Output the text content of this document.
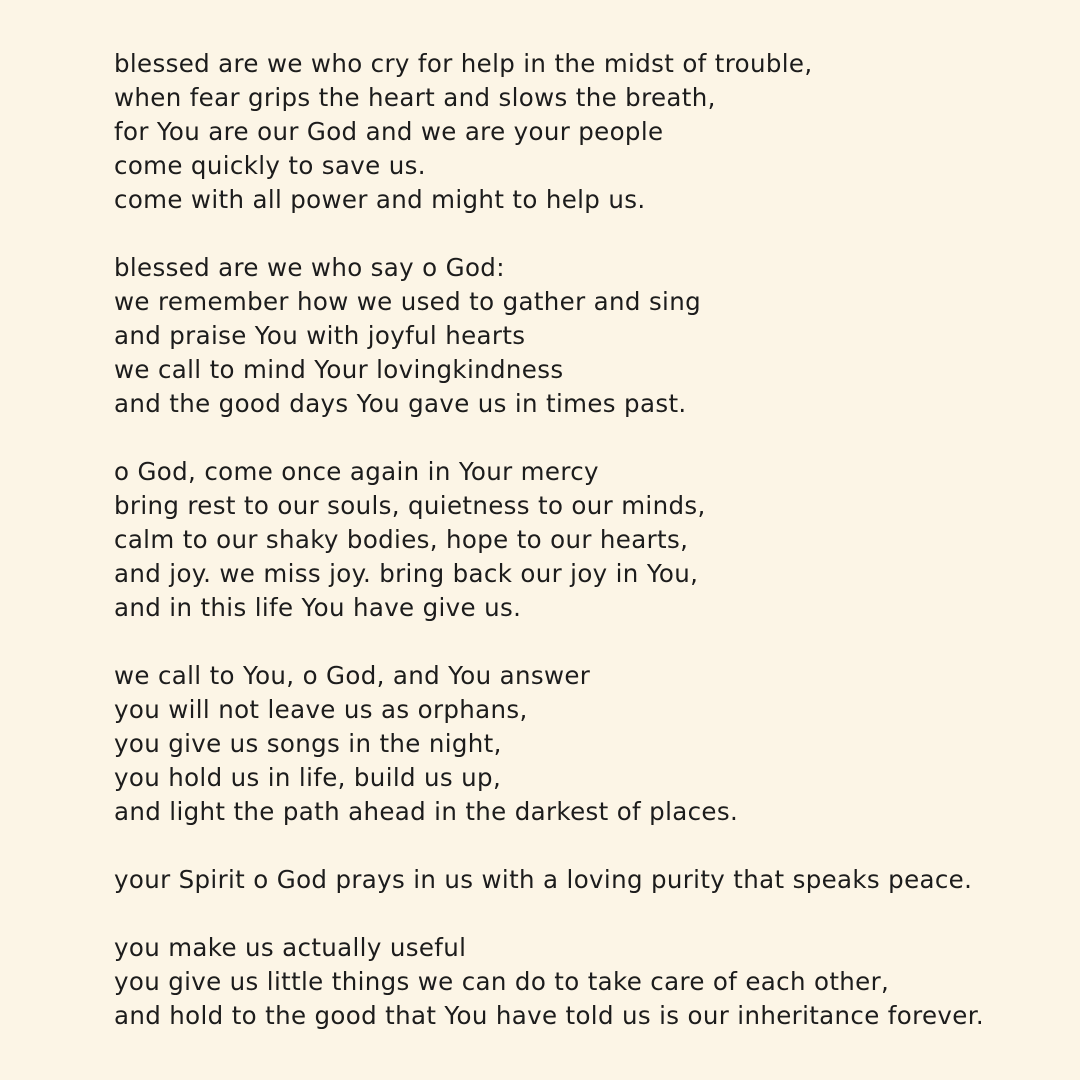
blessed are we who cry for help in the midst of trouble,
when fear grips the heart and slows the breath,
for You are our God and we are your people
come quickly to save us.
come with all power and might to help us.
blessed are we who say o God:
we remember how we used to gather and sing
and praise You with joyful hearts
we call to mind Your lovingkindness
and the good days You gave us in times past.
o God, come once again in Your mercy
bring rest to our souls, quietness to our minds,
calm to our shaky bodies, hope to our hearts,
and joy. we miss joy. bring back our joy in You,
and in this life You have give us.
we call to You, o God, and You answer
you will not leave us as orphans,
you give us songs in the night,
you hold us in life, build us up,
and light the path ahead in the darkest of places.
your Spirit o God prays in us with a loving purity that speaks peace.
you make us actually useful
you give us little things we can do to take care of each other,
and hold to the good that You have told us is our inheritance forever.
